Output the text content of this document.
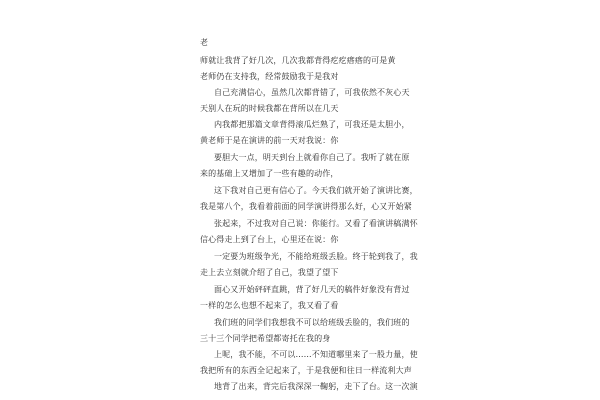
老
师就让我背了好几次，几次我都背得疙疙瘩瘩的可是黄
老师仍在支持我，经常鼓励我于是我对
自己充满信心，虽然几次都背错了，可我依然不灰心天
天别人在玩的时候我都在背所以在几天
内我都把那篇文章背得滚瓜烂熟了，可我还是太胆小，
黄老师于是在演讲的前一天对我说：你
要胆大一点，明天到台上就看你自己了。我听了就在原
来的基础上又增加了一些有趣的动作，
这下我对自己更有信心了。今天我们就开始了演讲比赛，
我是第八个，我看着前面的同学演讲得那么好，心又开始紧
张起来，不过我对自己说：你能行。又看了看演讲稿满怀
信心得走上到了台上，心里还在说：你
一定要为班级争光，不能给班级丢脸。终于轮到我了，我
走上去立刻就介绍了自己，我望了望下
面心又开始砰砰直跳，背了好几天的稿件好象没有背过
一样的怎么也想不起来了，我又看了看
我们班的同学们我想我不可以给班级丢脸的，我们班的
三十三个同学把希望都寄托在我的身
上呢，我不能，不可以……不知道哪里来了一股力量，使
我把所有的东西全记起来了，于是我便和往日一样流利大声
地背了出来，背完后我深深一鞠躬，走下了台。这一次演
